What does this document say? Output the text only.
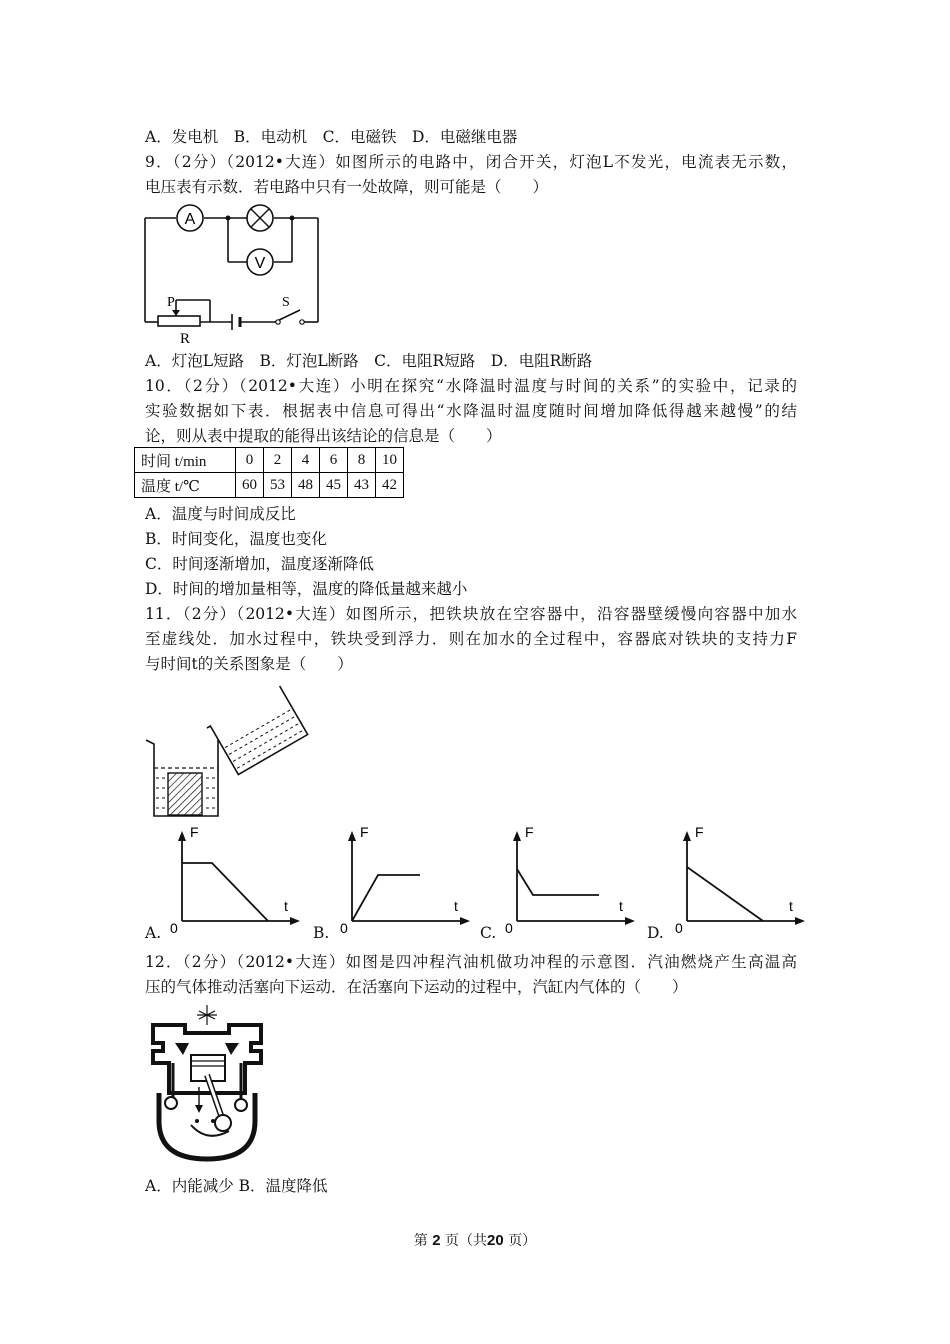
A．发电机　B．电动机　C．电磁铁　D．电磁继电器
9．（2分）（2012•大连）如图所示的电路中，闭合开关，灯泡L不发光，电流表无示数，
电压表有示数．若电路中只有一处故障，则可能是（　　）
A
V
P
R
S
A．灯泡L短路　B．灯泡L断路　C．电阻R短路　D．电阻R断路
10．（2分）（2012•大连）小明在探究“水降温时温度与时间的关系”的实验中，记录的
实验数据如下表．根据表中信息可得出“水降温时温度随时间增加降低得越来越慢”的结
论，则从表中提取的能得出该结论的信息是（　　）
时间 t/min	0	2	4	6	8	10
温度 t/℃	60	53	48	45	43	42
A．温度与时间成反比
B．时间变化，温度也变化
C．时间逐渐增加，温度逐渐降低
D．时间的增加量相等，温度的降低量越来越小
11．（2分）（2012•大连）如图所示，把铁块放在空容器中，沿容器壁缓慢向容器中加水
至虚线处．加水过程中，铁块受到浮力．则在加水的全过程中，容器底对铁块的支持力F
与时间t的关系图象是（　　）
F
t
0
A.
F
t
0
B.
F
t
0
C.
F
t
0
D.
12．（2分）（2012•大连）如图是四冲程汽油机做功冲程的示意图．汽油燃烧产生高温高
压的气体推动活塞向下运动．在活塞向下运动的过程中，汽缸内气体的（　　）
A．内能减少 B．温度降低
第 2 页（共20 页）
